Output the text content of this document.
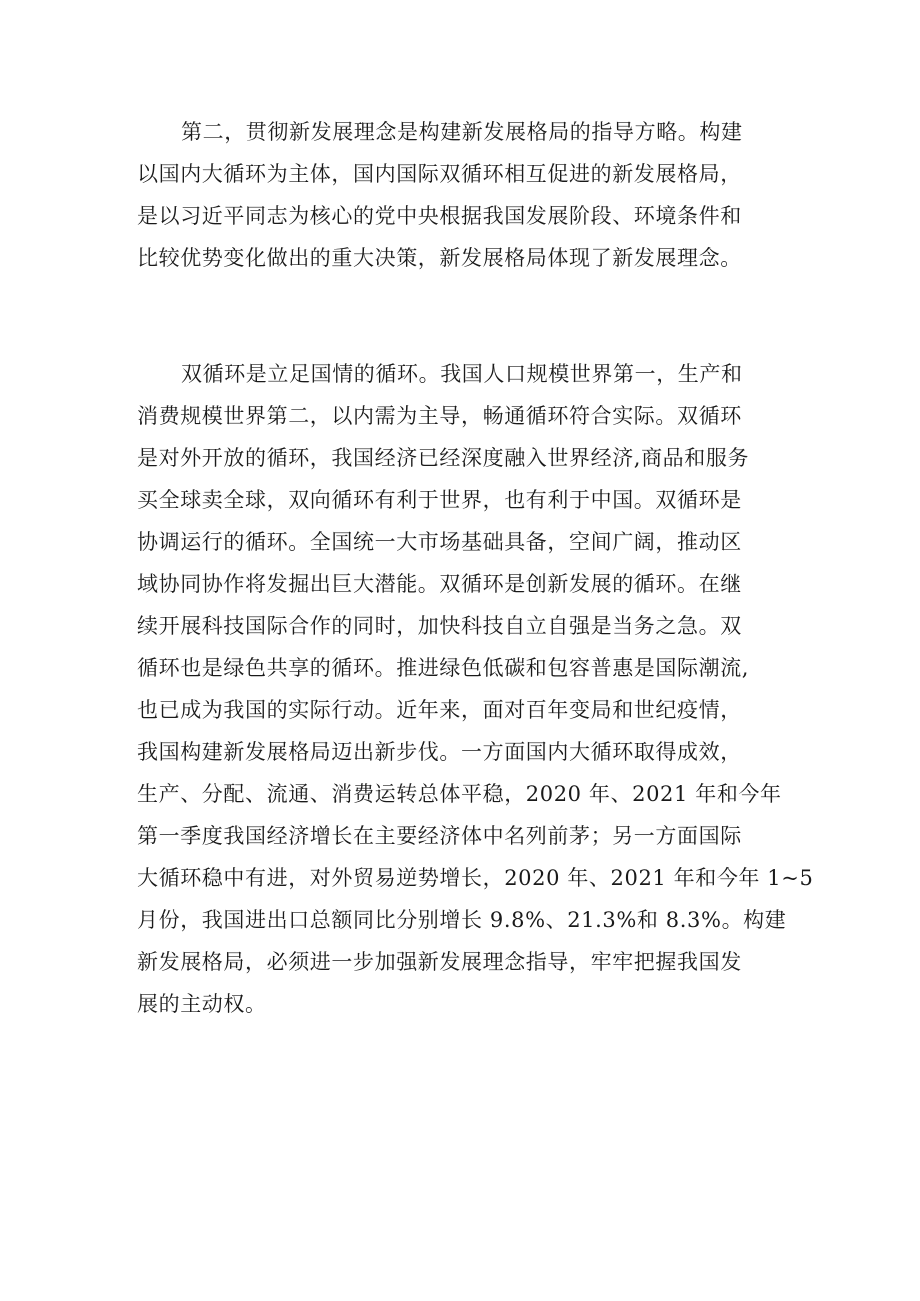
第二，贯彻新发展理念是构建新发展格局的指导方略。构建
以国内大循环为主体，国内国际双循环相互促进的新发展格局，
是以习近平同志为核心的党中央根据我国发展阶段、环境条件和
比较优势变化做出的重大决策，新发展格局体现了新发展理念。
双循环是立足国情的循环。我国人口规模世界第一，生产和
消费规模世界第二，以内需为主导，畅通循环符合实际。双循环
是对外开放的循环，我国经济已经深度融入世界经济,商品和服务
买全球卖全球，双向循环有利于世界，也有利于中国。双循环是
协调运行的循环。全国统一大市场基础具备，空间广阔，推动区
域协同协作将发掘出巨大潜能。双循环是创新发展的循环。在继
续开展科技国际合作的同时，加快科技自立自强是当务之急。双
循环也是绿色共享的循环。推进绿色低碳和包容普惠是国际潮流,
也已成为我国的实际行动。近年来，面对百年变局和世纪疫情，
我国构建新发展格局迈出新步伐。一方面国内大循环取得成效，
生产、分配、流通、消费运转总体平稳，2020 年、2021 年和今年
第一季度我国经济增长在主要经济体中名列前茅；另一方面国际
大循环稳中有进，对外贸易逆势增长，2020 年、2021 年和今年 1~5
月份，我国进出口总额同比分别增长 9.8%、21.3%和 8.3%。构建
新发展格局，必须进一步加强新发展理念指导，牢牢把握我国发
展的主动权。
